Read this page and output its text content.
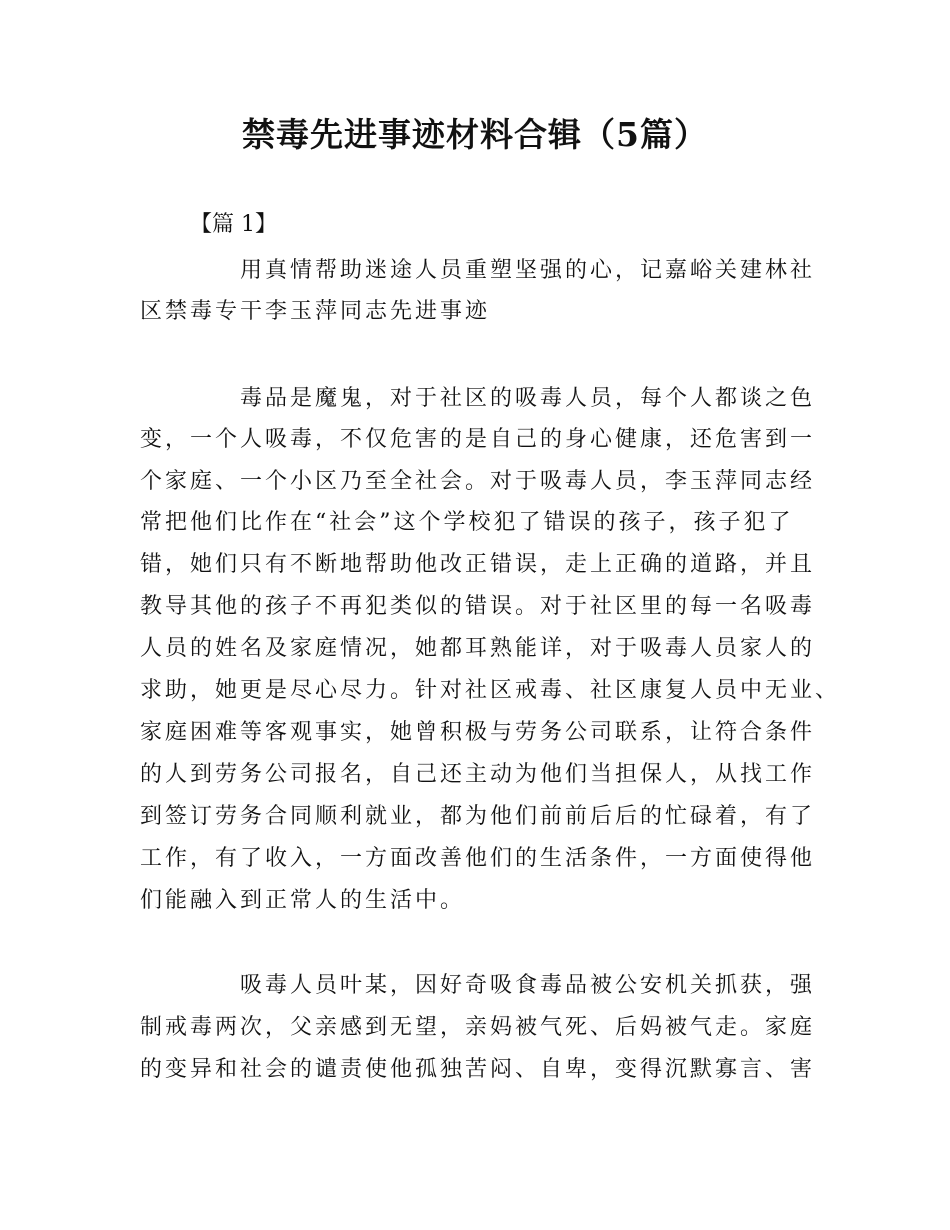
禁毒先进事迹材料合辑（5篇）
【篇 1】
用真情帮助迷途人员重塑坚强的心，记嘉峪关建林社
区禁毒专干李玉萍同志先进事迹
毒品是魔鬼，对于社区的吸毒人员，每个人都谈之色
变，一个人吸毒，不仅危害的是自己的身心健康，还危害到一
个家庭、一个小区乃至全社会。对于吸毒人员，李玉萍同志经
常把他们比作在“社会”这个学校犯了错误的孩子，孩子犯了
错，她们只有不断地帮助他改正错误，走上正确的道路，并且
教导其他的孩子不再犯类似的错误。对于社区里的每一名吸毒
人员的姓名及家庭情况，她都耳熟能详，对于吸毒人员家人的
求助，她更是尽心尽力。针对社区戒毒、社区康复人员中无业、
家庭困难等客观事实，她曾积极与劳务公司联系，让符合条件
的人到劳务公司报名，自己还主动为他们当担保人，从找工作
到签订劳务合同顺利就业，都为他们前前后后的忙碌着，有了
工作，有了收入，一方面改善他们的生活条件，一方面使得他
们能融入到正常人的生活中。
吸毒人员叶某，因好奇吸食毒品被公安机关抓获，强
制戒毒两次，父亲感到无望，亲妈被气死、后妈被气走。家庭
的变异和社会的谴责使他孤独苦闷、自卑，变得沉默寡言、害
